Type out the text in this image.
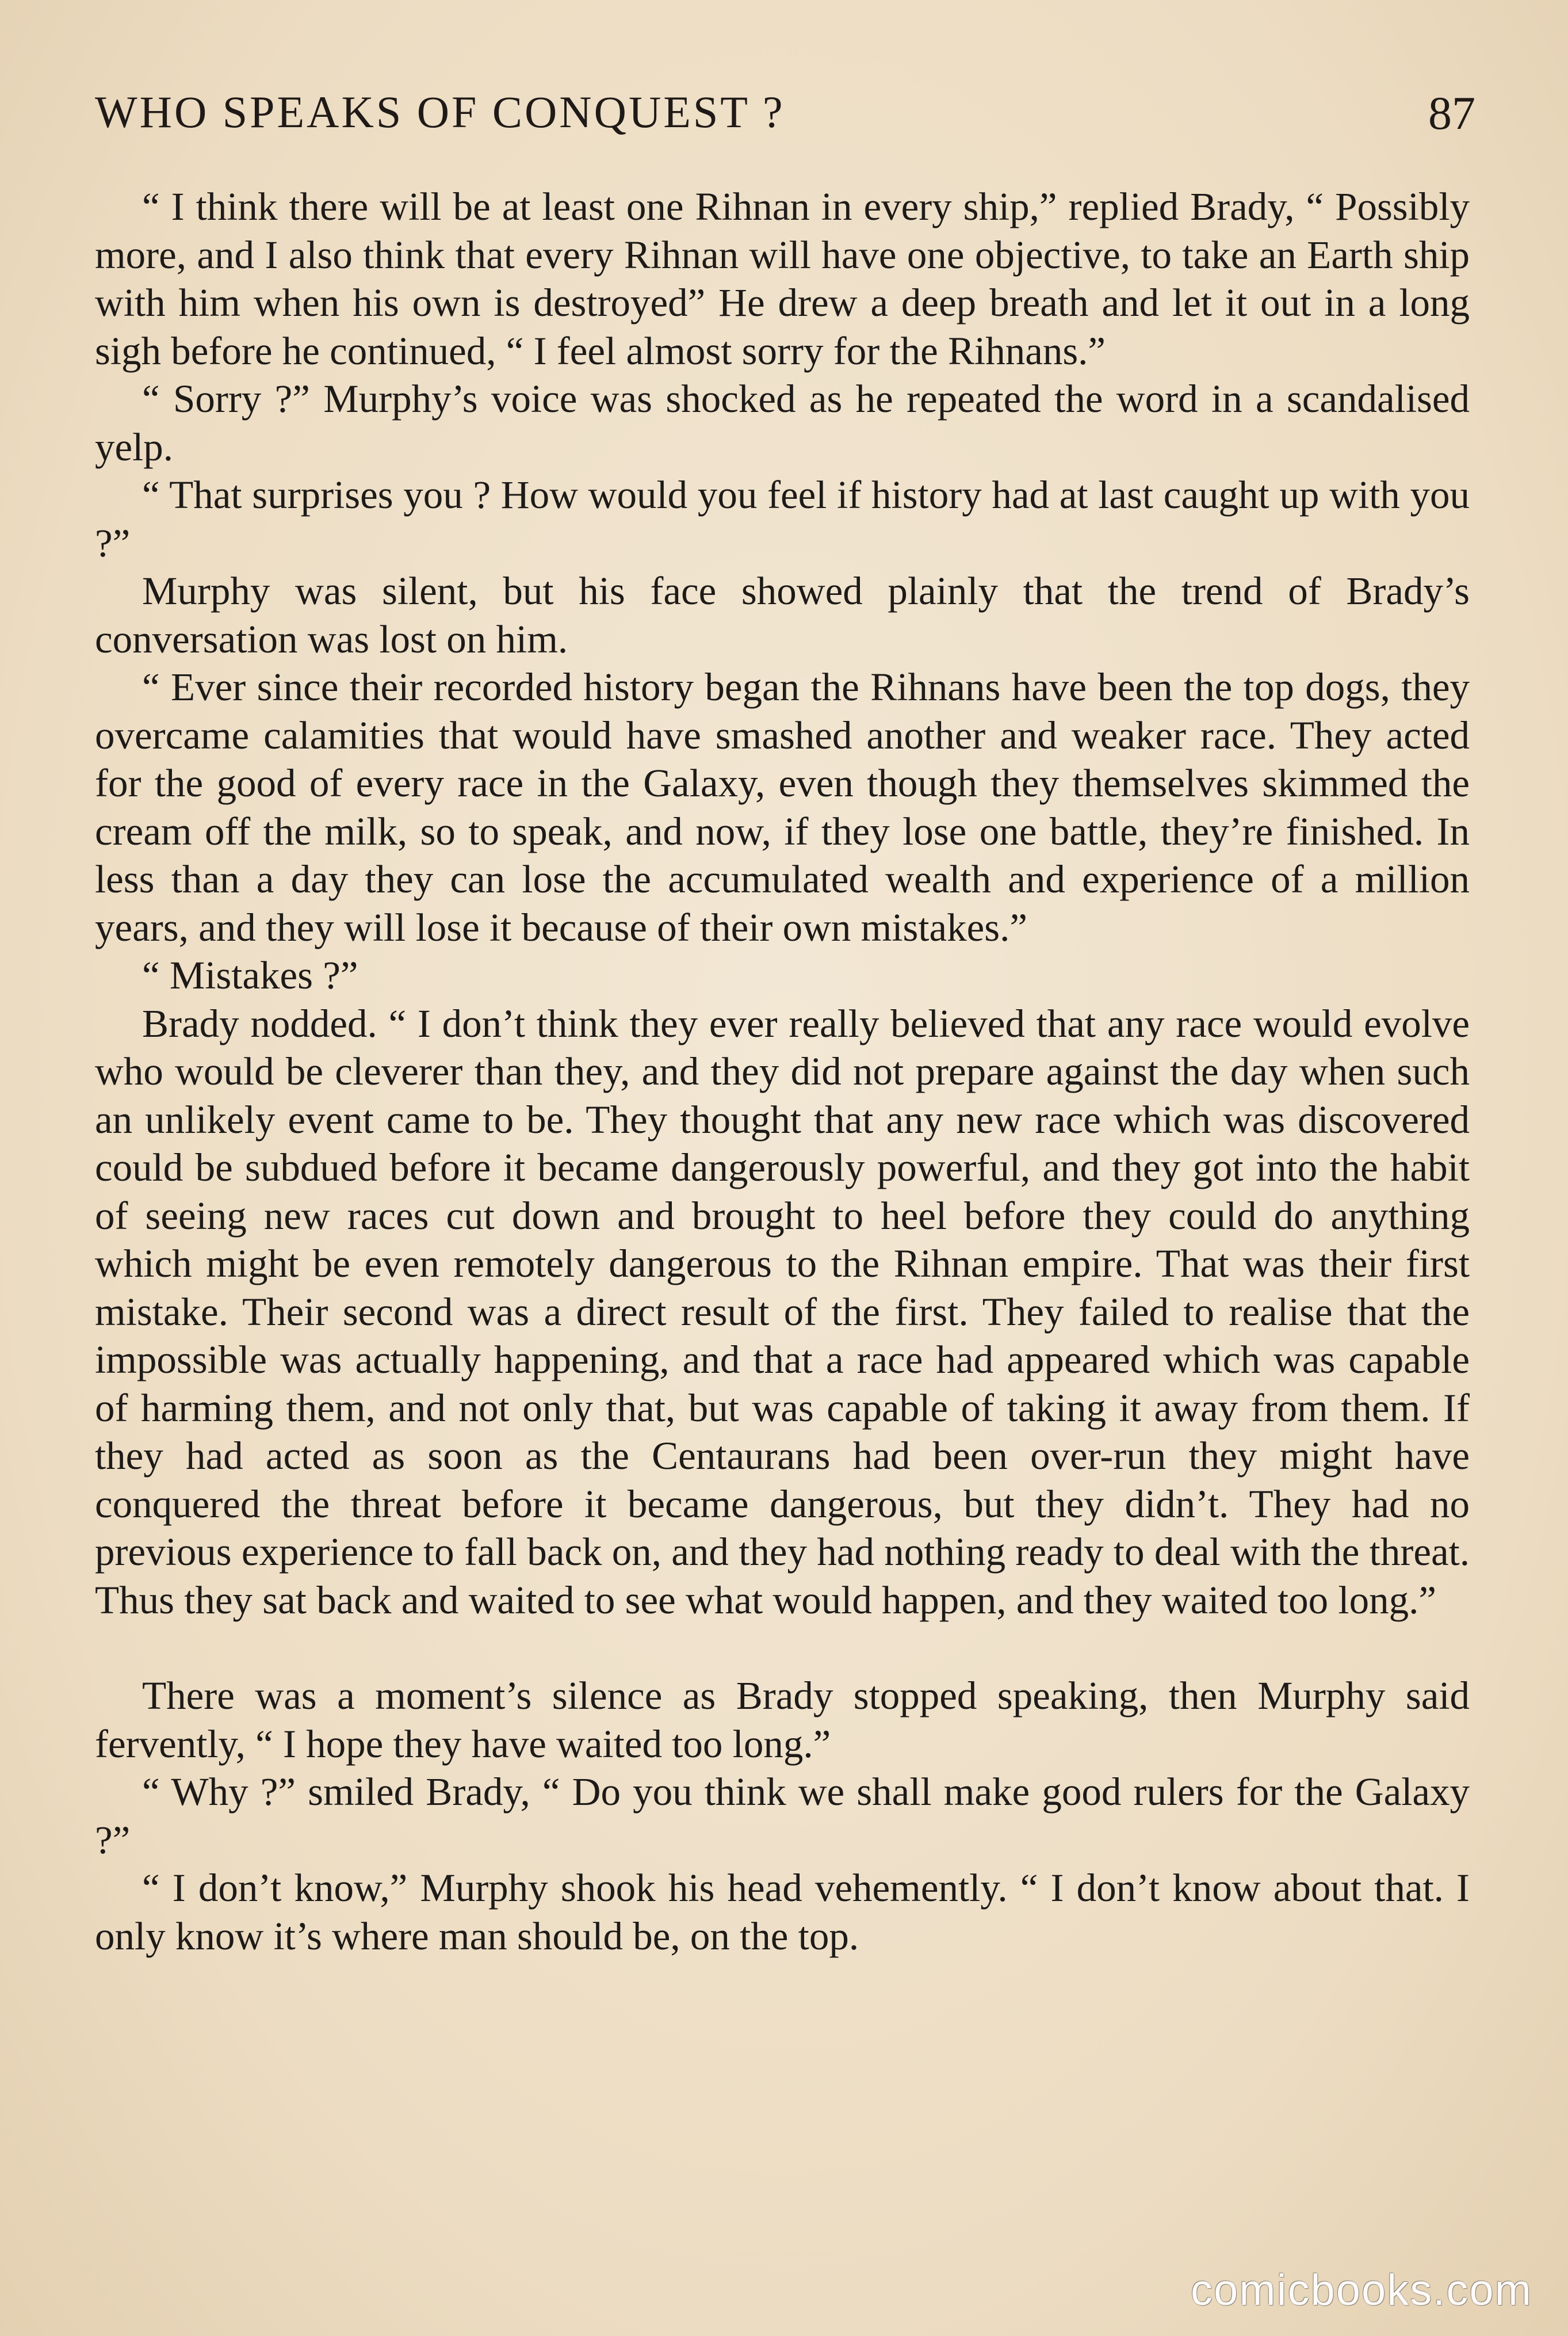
WHO SPEAKS OF CONQUEST ?	87

“ I think there will be at least one Rihnan in every ship,” replied Brady, “ Possibly more, and I also think that every Rihnan will have one objective, to take an Earth ship with him when his own is destroyed” He drew a deep breath and let it out in a long sigh before he continued, “ I feel almost sorry for the Rihnans.”

“ Sorry ?” Murphy’s voice was shocked as he repeated the word in a scandalised yelp.

“ That surprises you ? How would you feel if history had at last caught up with you ?”

Murphy was silent, but his face showed plainly that the trend of Brady’s conversation was lost on him.

“ Ever since their recorded history began the Rihnans have been the top dogs, they overcame calamities that would have smashed another and weaker race. They acted for the good of every race in the Galaxy, even though they themselves skimmed the cream off the milk, so to speak, and now, if they lose one battle, they’re finished. In less than a day they can lose the accumulated wealth and experience of a million years, and they will lose it because of their own mistakes.”

“ Mistakes ?”

Brady nodded. “ I don’t think they ever really believed that any race would evolve who would be cleverer than they, and they did not prepare against the day when such an unlikely event came to be. They thought that any new race which was discovered could be subdued before it became dangerously powerful, and they got into the habit of seeing new races cut down and brought to heel before they could do anything which might be even remotely dangerous to the Rihnan empire. That was their first mistake. Their second was a direct result of the first. They failed to realise that the impossible was actually happening, and that a race had appeared which was capable of harming them, and not only that, but was capable of taking it away from them. If they had acted as soon as the Centaurans had been over-run they might have conquered the threat before it became dangerous, but they didn’t. They had no previous experience to fall back on, and they had nothing ready to deal with the threat. Thus they sat back and waited to see what would happen, and they waited too long.”

There was a moment’s silence as Brady stopped speaking, then Murphy said fervently, “ I hope they have waited too long.”

“ Why ?” smiled Brady, “ Do you think we shall make good rulers for the Galaxy ?”

“ I don’t know,” Murphy shook his head vehemently. “ I don’t know about that. I only know it’s where man should be, on the top.

comicbooks.com
